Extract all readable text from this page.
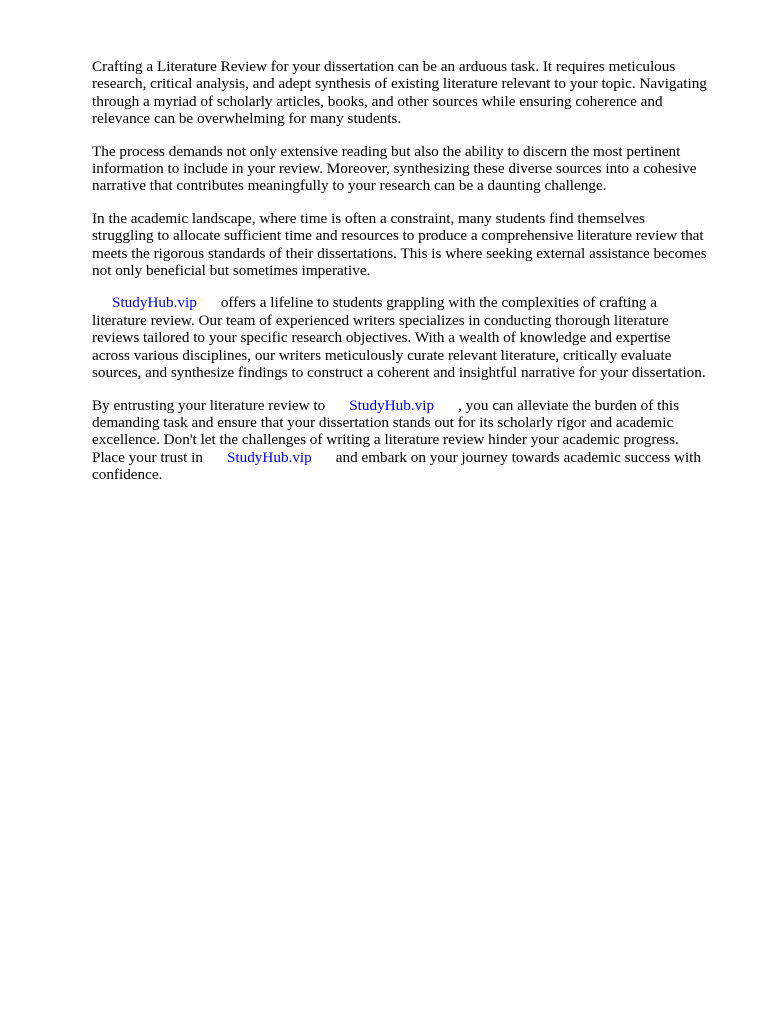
Crafting a Literature Review for your dissertation can be an arduous task. It requires meticulous
research, critical analysis, and adept synthesis of existing literature relevant to your topic. Navigating
through a myriad of scholarly articles, books, and other sources while ensuring coherence and
relevance can be overwhelming for many students.

The process demands not only extensive reading but also the ability to discern the most pertinent
information to include in your review. Moreover, synthesizing these diverse sources into a cohesive
narrative that contributes meaningfully to your research can be a daunting challenge.

In the academic landscape, where time is often a constraint, many students find themselves
struggling to allocate sufficient time and resources to produce a comprehensive literature review that
meets the rigorous standards of their dissertations. This is where seeking external assistance becomes
not only beneficial but sometimes imperative.

StudyHub.vip offers a lifeline to students grappling with the complexities of crafting a
literature review. Our team of experienced writers specializes in conducting thorough literature
reviews tailored to your specific research objectives. With a wealth of knowledge and expertise
across various disciplines, our writers meticulously curate relevant literature, critically evaluate
sources, and synthesize findings to construct a coherent and insightful narrative for your dissertation.

By entrusting your literature review to StudyHub.vip , you can alleviate the burden of this
demanding task and ensure that your dissertation stands out for its scholarly rigor and academic
excellence. Don't let the challenges of writing a literature review hinder your academic progress.
Place your trust in StudyHub.vip and embark on your journey towards academic success with
confidence.
